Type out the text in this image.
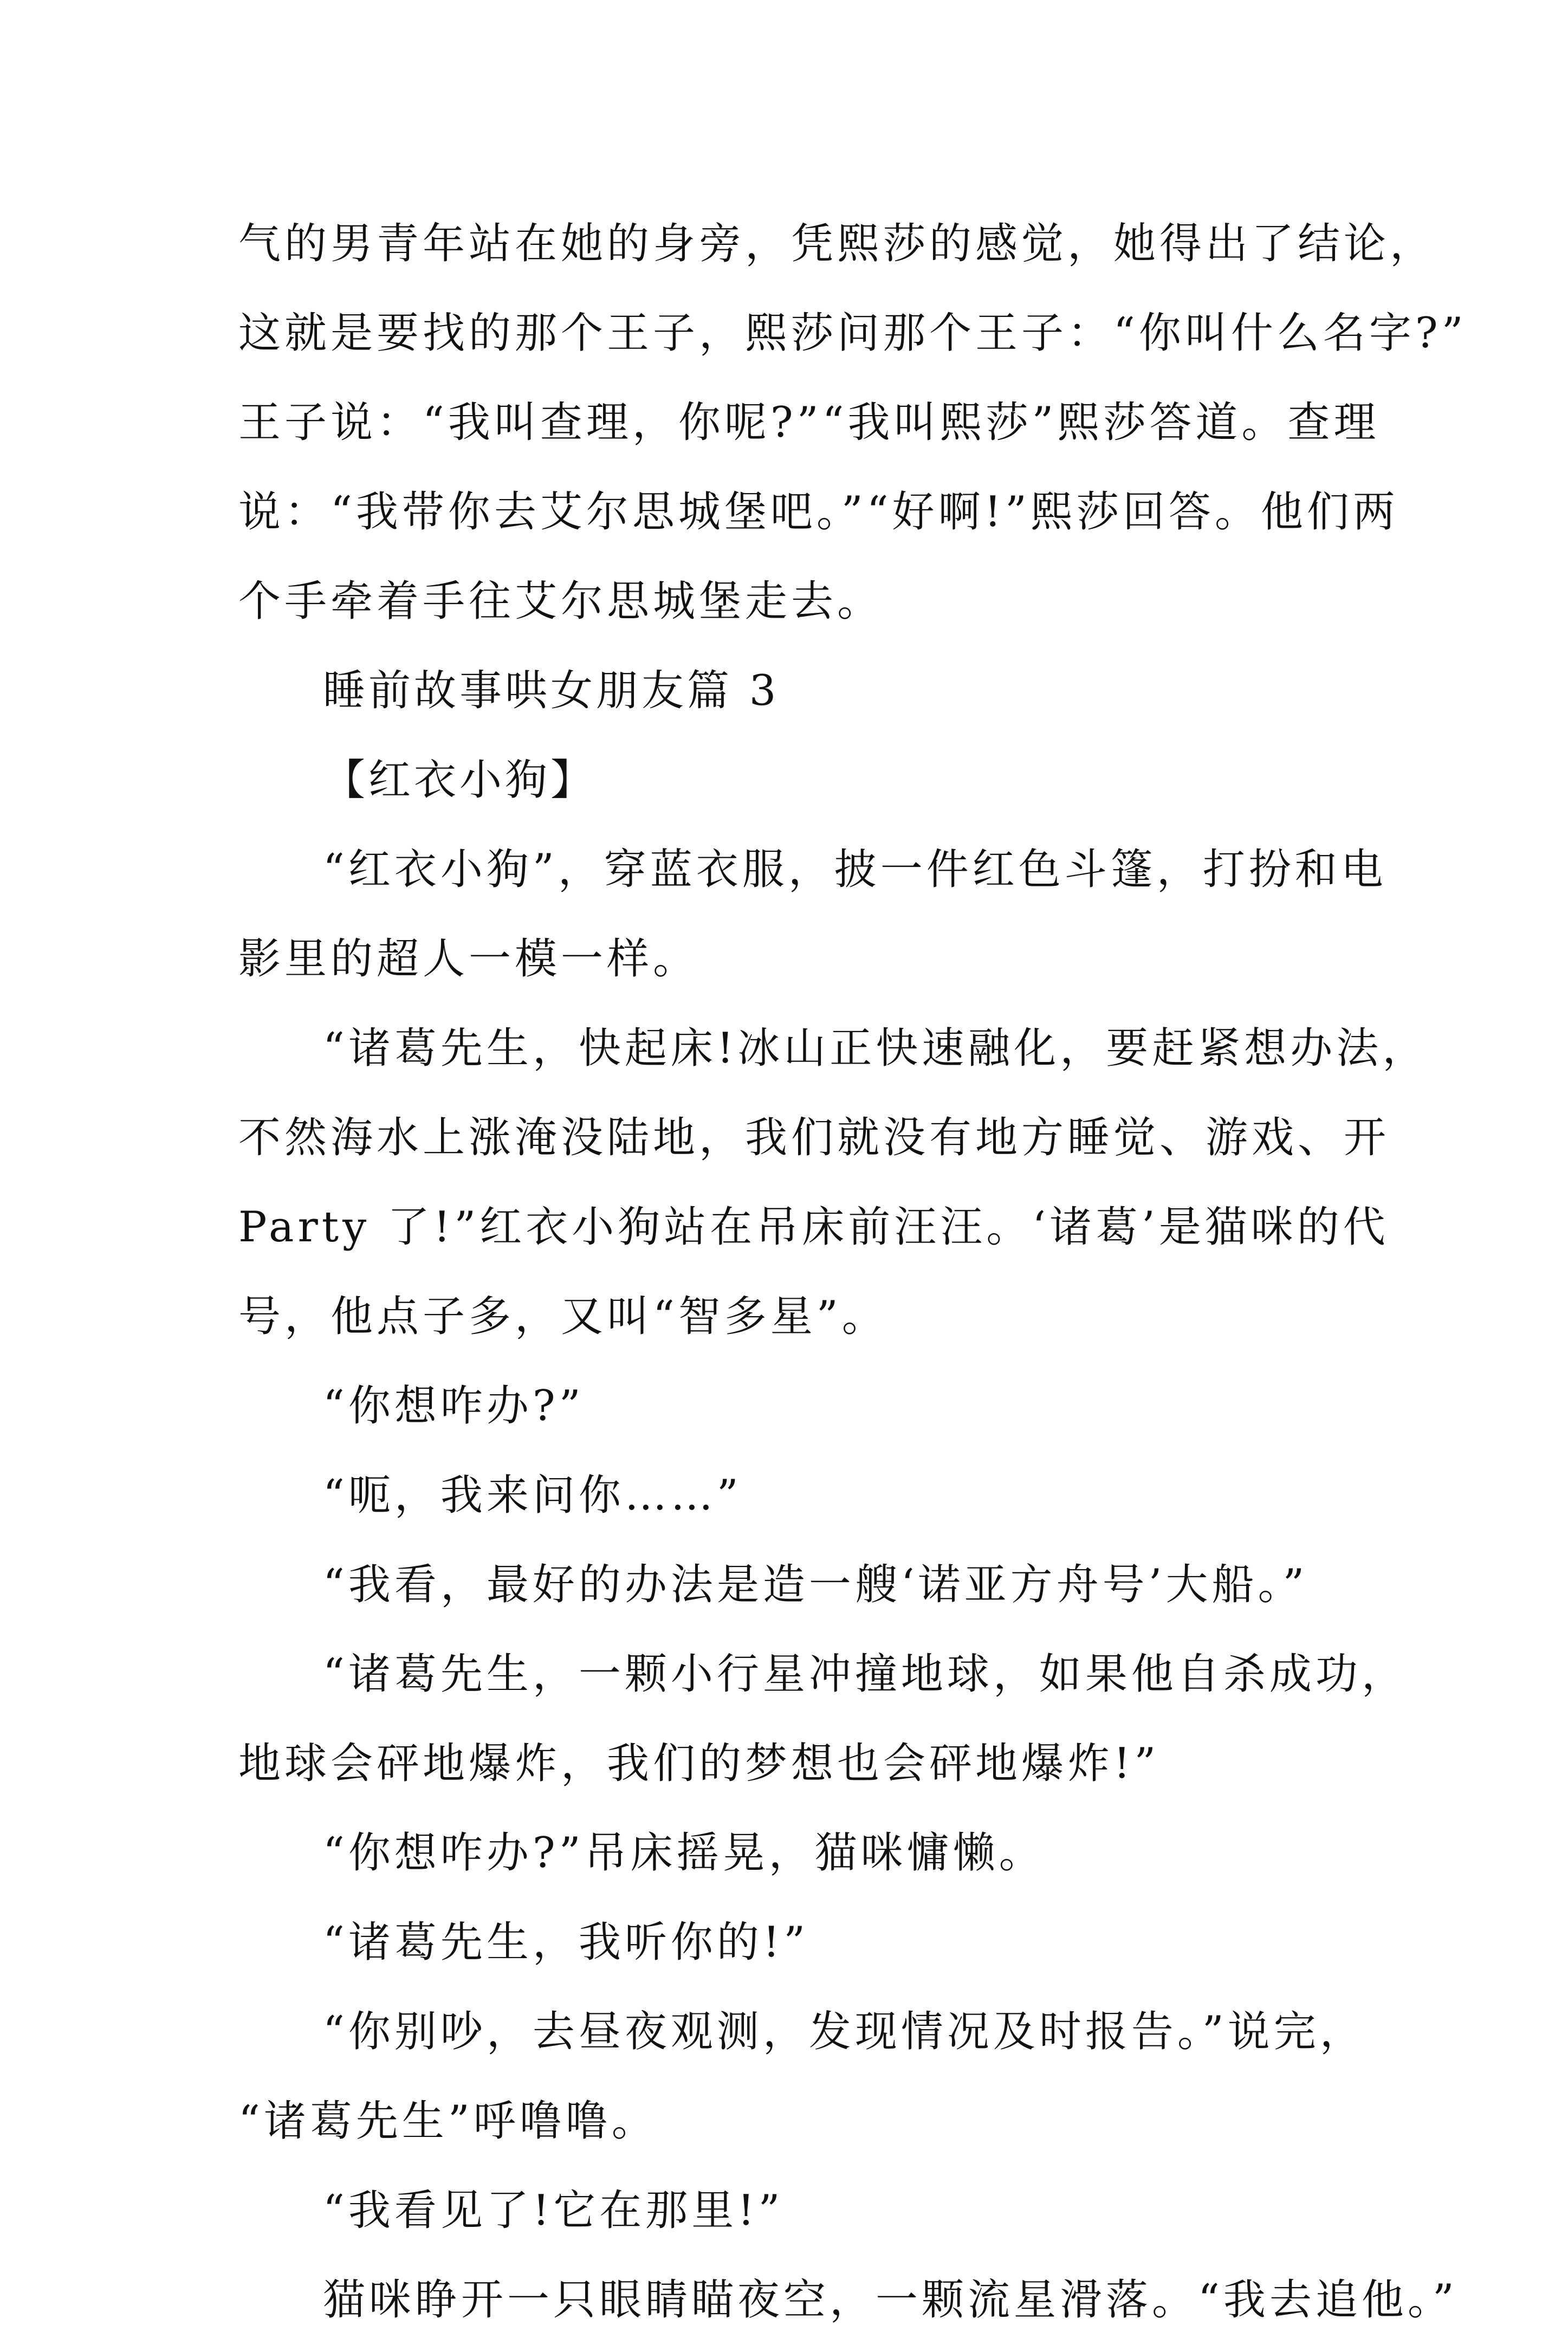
气的男青年站在她的身旁，凭熙莎的感觉，她得出了结论，
这就是要找的那个王子，熙莎问那个王子：“你叫什么名字?”
王子说：“我叫查理，你呢?”“我叫熙莎”熙莎答道。查理
说：“我带你去艾尔思城堡吧。”“好啊!”熙莎回答。他们两
个手牵着手往艾尔思城堡走去。
睡前故事哄女朋友篇 3
【红衣小狗】
“红衣小狗”，穿蓝衣服，披一件红色斗篷，打扮和电
影里的超人一模一样。
“诸葛先生，快起床!冰山正快速融化，要赶紧想办法，
不然海水上涨淹没陆地，我们就没有地方睡觉、游戏、开
Party 了!”红衣小狗站在吊床前汪汪。‘诸葛’是猫咪的代
号，他点子多，又叫“智多星”。
“你想咋办?”
“呃，我来问你……”
“我看，最好的办法是造一艘‘诺亚方舟号’大船。”
“诸葛先生，一颗小行星冲撞地球，如果他自杀成功，
地球会砰地爆炸，我们的梦想也会砰地爆炸!”
“你想咋办?”吊床摇晃，猫咪慵懒。
“诸葛先生，我听你的!”
“你别吵，去昼夜观测，发现情况及时报告。”说完，
“诸葛先生”呼噜噜。
“我看见了!它在那里!”
猫咪睁开一只眼睛瞄夜空，一颗流星滑落。“我去追他。”
